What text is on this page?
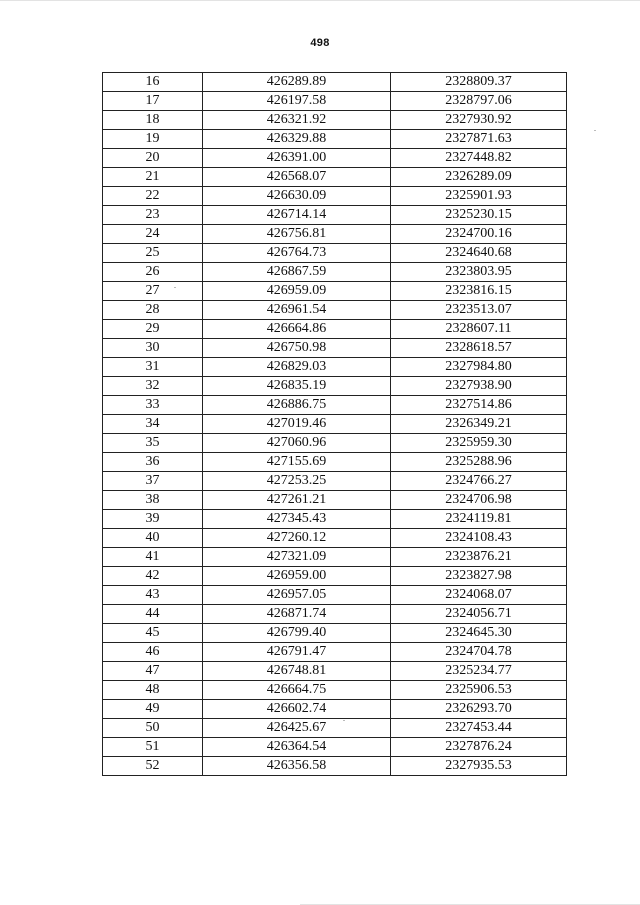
498
16	426289.89	2328809.37
17	426197.58	2328797.06
18	426321.92	2327930.92
19	426329.88	2327871.63
20	426391.00	2327448.82
21	426568.07	2326289.09
22	426630.09	2325901.93
23	426714.14	2325230.15
24	426756.81	2324700.16
25	426764.73	2324640.68
26	426867.59	2323803.95
27	426959.09	2323816.15
28	426961.54	2323513.07
29	426664.86	2328607.11
30	426750.98	2328618.57
31	426829.03	2327984.80
32	426835.19	2327938.90
33	426886.75	2327514.86
34	427019.46	2326349.21
35	427060.96	2325959.30
36	427155.69	2325288.96
37	427253.25	2324766.27
38	427261.21	2324706.98
39	427345.43	2324119.81
40	427260.12	2324108.43
41	427321.09	2323876.21
42	426959.00	2323827.98
43	426957.05	2324068.07
44	426871.74	2324056.71
45	426799.40	2324645.30
46	426791.47	2324704.78
47	426748.81	2325234.77
48	426664.75	2325906.53
49	426602.74	2326293.70
50	426425.67	2327453.44
51	426364.54	2327876.24
52	426356.58	2327935.53
